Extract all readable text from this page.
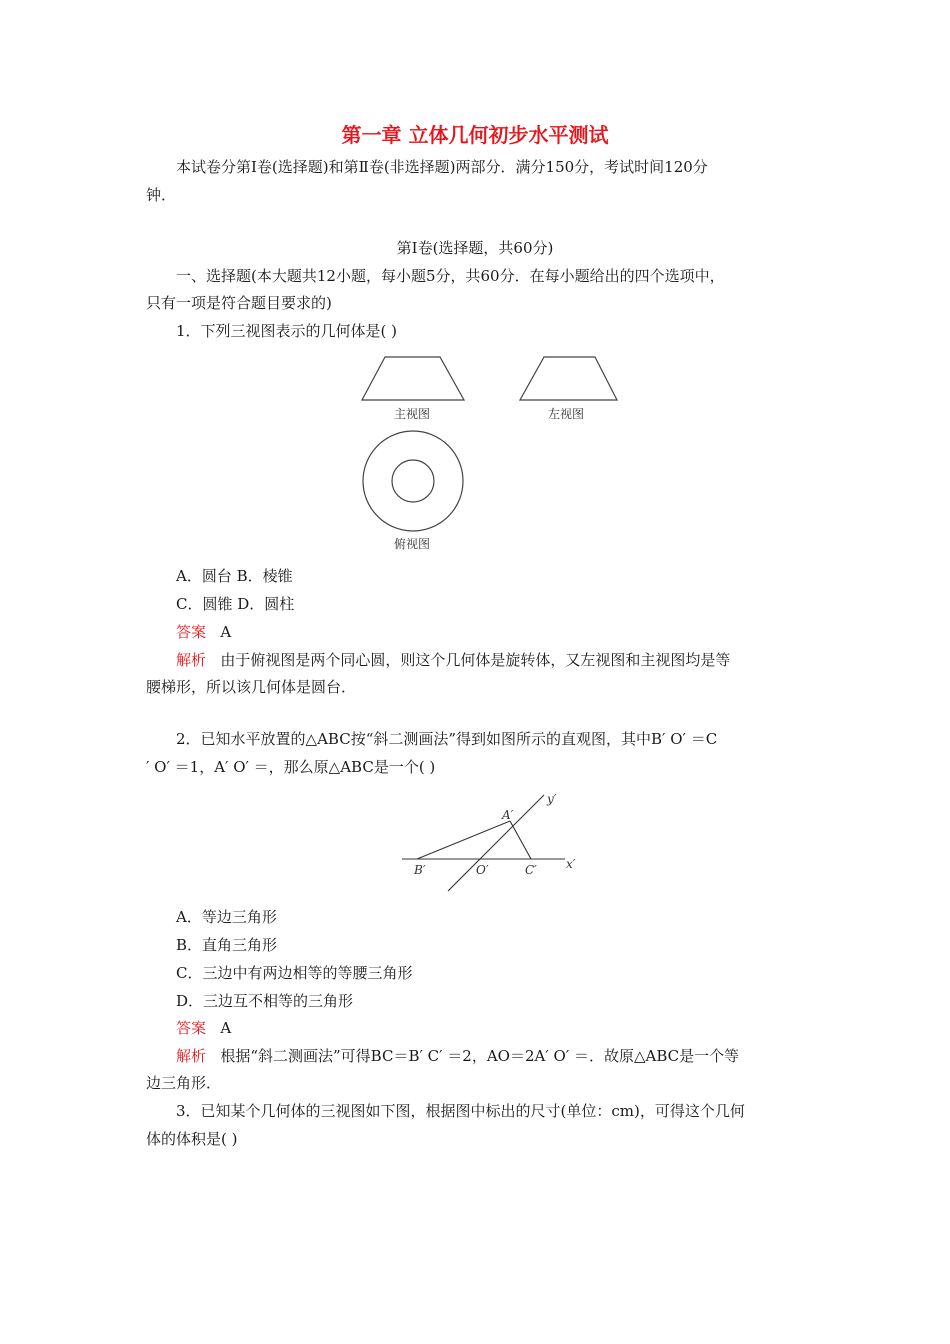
第一章 立体几何初步水平测试
本试卷分第Ⅰ卷(选择题)和第Ⅱ卷(非选择题)两部分．满分150分，考试时间120分
钟．
第Ⅰ卷(选择题，共60分)
一、选择题(本大题共12小题，每小题5分，共60分．在每小题给出的四个选项中，
只有一项是符合题目要求的)
1．下列三视图表示的几何体是( )
主视图	左视图
俯视图
A．圆台 B．棱锥
C．圆锥 D．圆柱
答案 A
解析 由于俯视图是两个同心圆，则这个几何体是旋转体，又左视图和主视图均是等
腰梯形，所以该几何体是圆台．
2．已知水平放置的△ABC按“斜二测画法”得到如图所示的直观图，其中B′ O′ ＝C
′ O′ ＝1，A′ O′ ＝，那么原△ABC是一个( )
A′
B′	O′	C′ x′
y′
A．等边三角形
B．直角三角形
C．三边中有两边相等的等腰三角形
D．三边互不相等的三角形
答案 A
解析 根据“斜二测画法”可得BC＝B′ C′ ＝2，AO＝2A′ O′ ＝．故原△ABC是一个等
边三角形．
3．已知某个几何体的三视图如下图，根据图中标出的尺寸(单位：cm)，可得这个几何
体的体积是( )
